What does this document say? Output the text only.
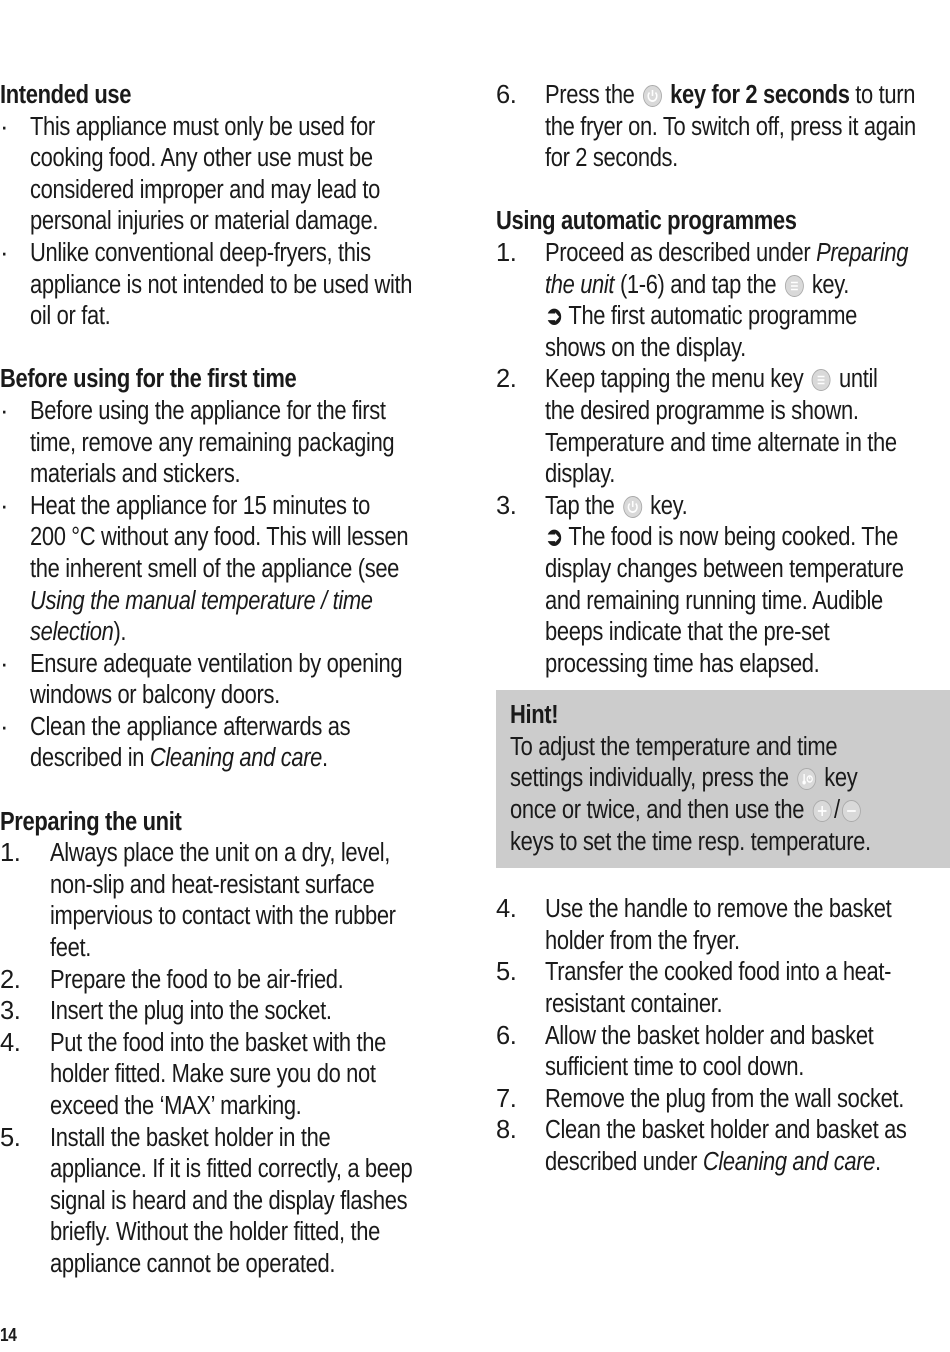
Intended use
· This appliance must only be used for
cooking food. Any other use must be
considered improper and may lead to
personal injuries or material damage.
· Unlike conventional deep-fryers, this
appliance is not intended to be used with
oil or fat.
Before using for the first time
· Before using the appliance for the first
time, remove any remaining packaging
materials and stickers.
· Heat the appliance for 15 minutes to
200 °C without any food. This will lessen
the inherent smell of the appliance (see
Using the manual temperature / time
selection).
· Ensure adequate ventilation by opening
windows or balcony doors.
· Clean the appliance afterwards as
described in Cleaning and care.
Preparing the unit
1.	Always place the unit on a dry, level,
non-slip and heat-resistant surface
impervious to contact with the rubber
feet.
2.	Prepare the food to be air-fried.
3.	Insert the plug into the socket.
4.	Put the food into the basket with the
holder fitted. Make sure you do not
exceed the ‘MAX’ marking.
5.	Install the basket holder in the
appliance. If it is fitted correctly, a beep
signal is heard and the display flashes
briefly. Without the holder fitted, the
appliance cannot be operated.
6.	Press the key for 2 seconds to turn
the fryer on. To switch off, press it again
for 2 seconds.
Using automatic programmes
1.	Proceed as described under Preparing
the unit (1-6) and tap the key.
➲ The first automatic programme
shows on the display.
2.	Keep tapping the menu key until
the desired programme is shown.
Temperature and time alternate in the
display.
3.	Tap the key.
➲ The food is now being cooked. The
display changes between temperature
and remaining running time. Audible
beeps indicate that the pre-set
processing time has elapsed.
Hint!
To adjust the temperature and time
settings individually, press the key
once or twice, and then use the /
keys to set the time resp. temperature.
4.	Use the handle to remove the basket
holder from the fryer.
5.	Transfer the cooked food into a heat-
resistant container.
6.	Allow the basket holder and basket
sufficient time to cool down.
7.	Remove the plug from the wall socket.
8.	Clean the basket holder and basket as
described under Cleaning and care.
14
